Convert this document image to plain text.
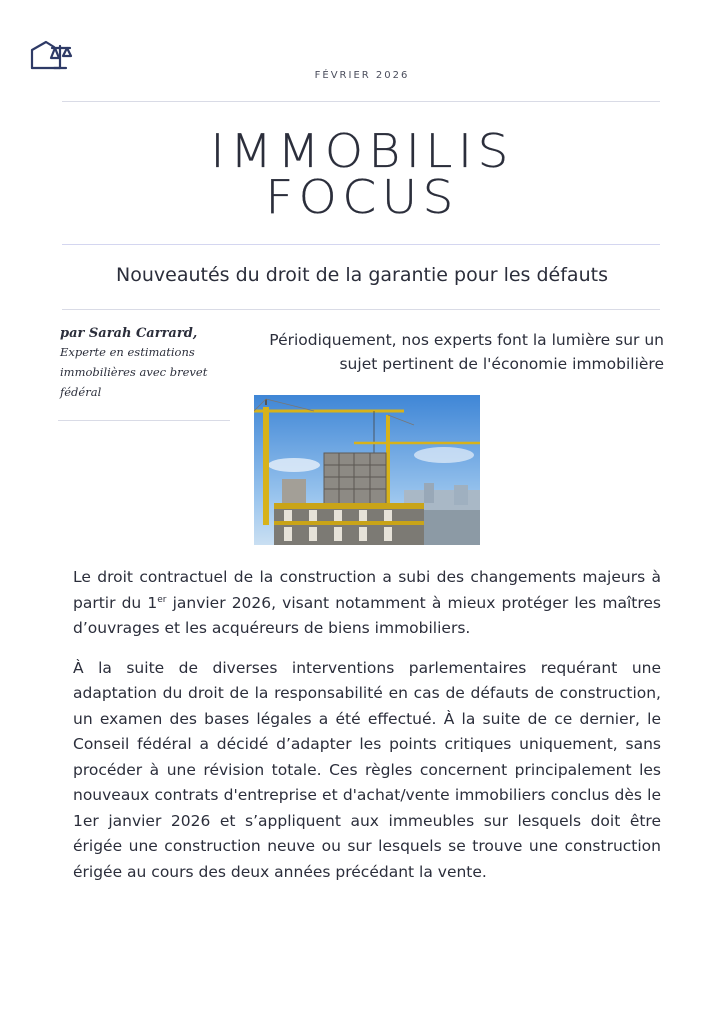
FÉVRIER 2026
IMMOBILIS
FOCUS
Nouveautés du droit de la garantie pour les défauts
par Sarah Carrard,
Experte en estimations immobilières avec brevet fédéral
Périodiquement, nos experts font la lumière sur un sujet pertinent de l'économie immobilière

Le droit contractuel de la construction a subi des changements majeurs à partir du 1er janvier 2026, visant notamment à mieux protéger les maîtres d’ouvrages et les acquéreurs de biens immobiliers.

À la suite de diverses interventions parlementaires requérant une adaptation du droit de la responsabilité en cas de défauts de construction, un examen des bases légales a été effectué. À la suite de ce dernier, le Conseil fédéral a décidé d’adapter les points critiques uniquement, sans procéder à une révision totale. Ces règles concernent principalement les nouveaux contrats d'entreprise et d'achat/vente immobiliers conclus dès le 1er janvier 2026 et s’appliquent aux immeubles sur lesquels doit être érigée une construction neuve ou sur lesquels se trouve une construction érigée au cours des deux années précédant la vente.
